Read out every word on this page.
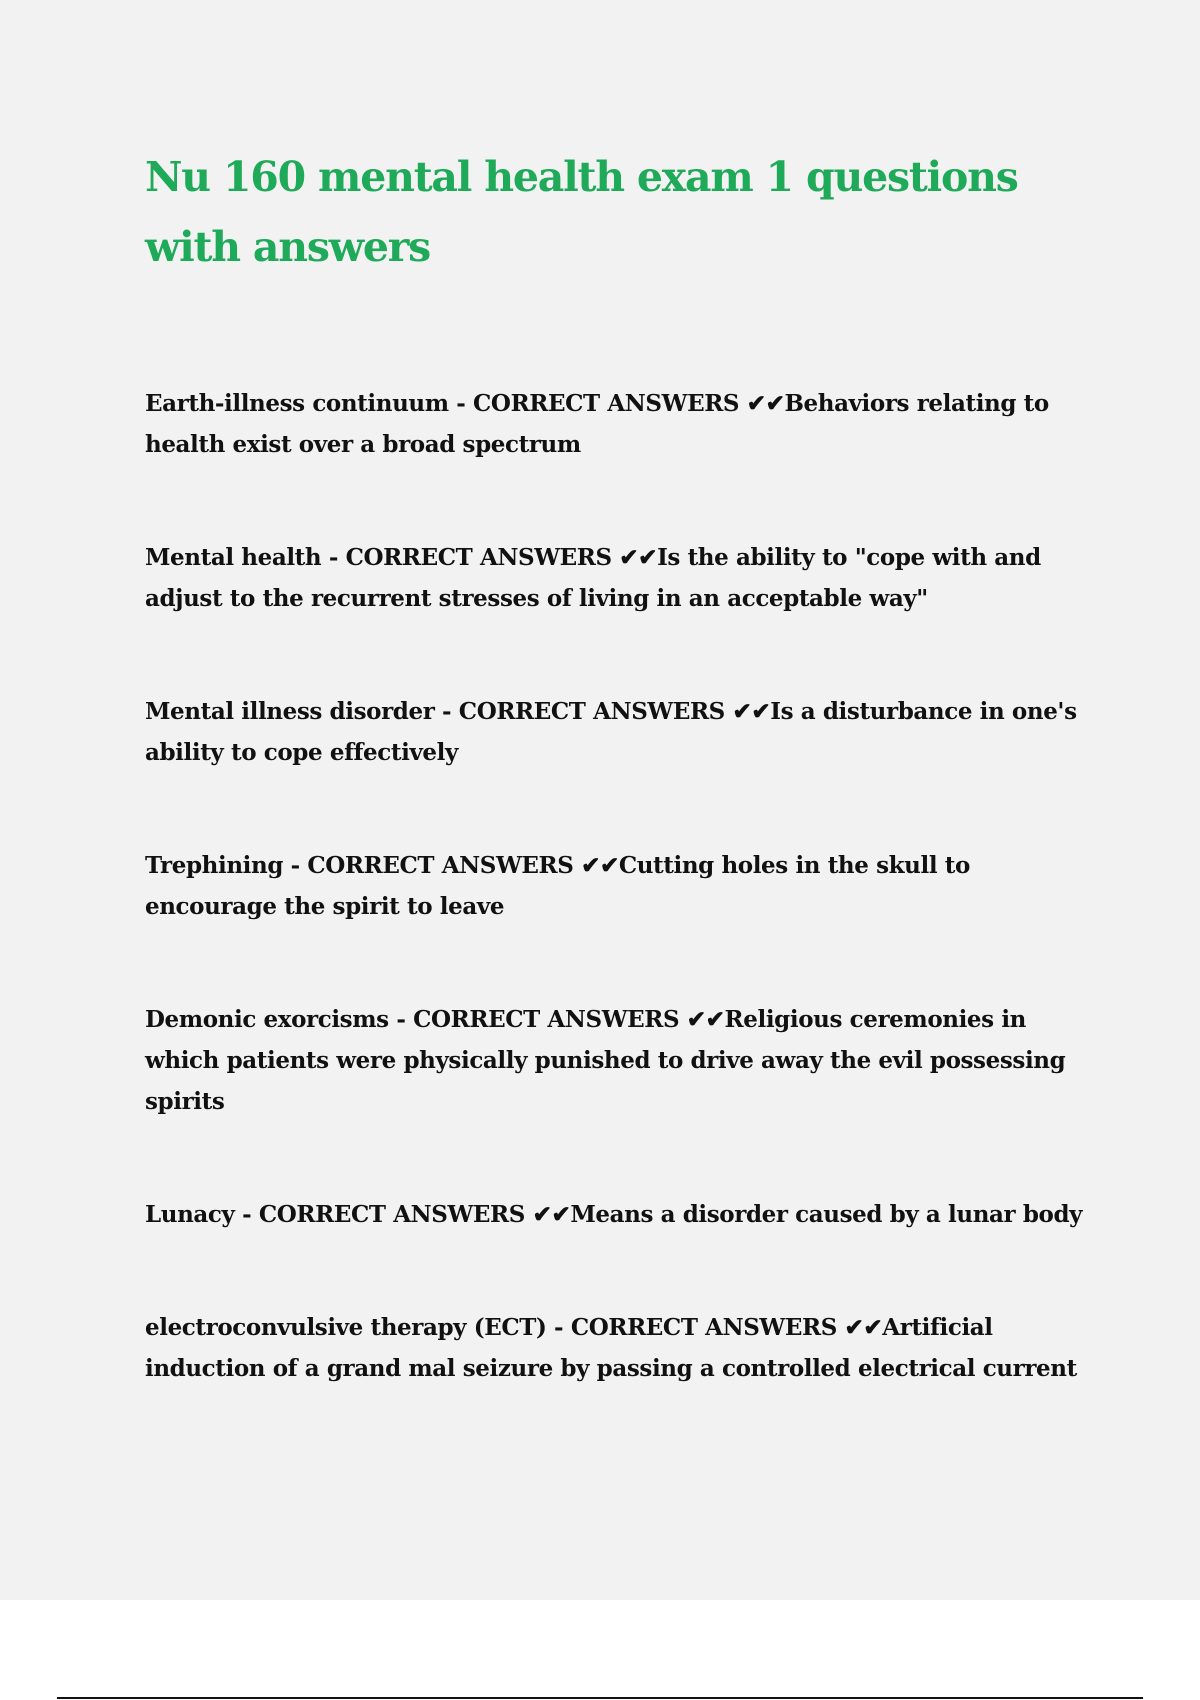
Nu 160 mental health exam 1 questions with answers

Earth-illness continuum - CORRECT ANSWERS ✔✔Behaviors relating to health exist over a broad spectrum

Mental health - CORRECT ANSWERS ✔✔Is the ability to "cope with and adjust to the recurrent stresses of living in an acceptable way"

Mental illness disorder - CORRECT ANSWERS ✔✔Is a disturbance in one's ability to cope effectively

Trephining - CORRECT ANSWERS ✔✔Cutting holes in the skull to encourage the spirit to leave

Demonic exorcisms - CORRECT ANSWERS ✔✔Religious ceremonies in which patients were physically punished to drive away the evil possessing spirits

Lunacy - CORRECT ANSWERS ✔✔Means a disorder caused by a lunar body

electroconvulsive therapy (ECT) - CORRECT ANSWERS ✔✔Artificial induction of a grand mal seizure by passing a controlled electrical current
